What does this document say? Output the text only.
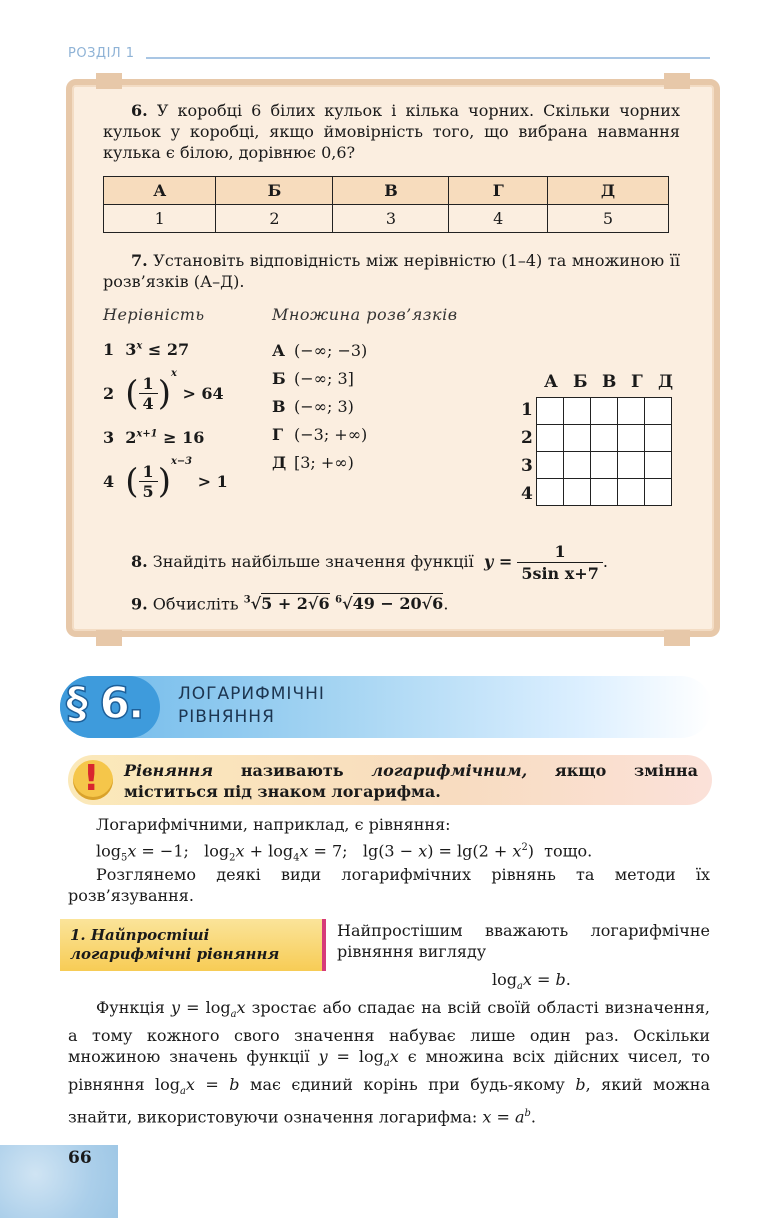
РОЗДІЛ 1
6. У коробці 6 білих кульок і кілька чорних. Скільки чорних кульок у коробці, якщо ймовірність того, що вибрана навмання кулька є білою, дорівнює 0,6?
А	Б	В	Г	Д
1	2	3	4	5
7. Установіть відповідність між нерівністю (1–4) та множиною її розв’язків (А–Д).
Нерівність	Множина розв’язків
1  $3^x \le 27$
2 ( $\frac{1}{4} )^x > 64$
3  $2^{x+1} \ge 16$
4 ( $\frac{1}{5} )^{x-3} > 1$
А (−∞; −3)
Б (−∞; 3]
В (−∞; 3)
Г (−3; +∞)
Д [3; +∞)
А Б В Г Д
1
2
3
4

8. Знайдіть найбільше значення функції $y = \frac{1}{\text{5sin x+7}}$ .
9. Обчисліть $^3$√5 + 2√6 $^6$√49 − 20√6.
§ 6. ЛОГАРИФМІЧНІ
РІВНЯННЯ
! Рівняння називають логарифмічним, якщо змінна міститься під знаком логарифма.
Логарифмічними, наприклад, є рівняння:
$\log_5x = -1$;   $\log_2x + \log_4x = 7$;   $\lg(3 - x) = \lg(2 + x^2)$  тощо.
Розглянемо деякі види логарифмічних рівнянь та методи їх розв’язування.
1. Найпростіші
логарифмічні рівняння
Найпростішим вважають логарифмічне рівняння вигляду
$\log_ax = b$.
Функція $y = \log_ax$ зростає або спадає на всій своїй області визначення, а тому кожного свого значення набуває лише один раз. Оскільки множиною значень функції $y = \log_ax$ є множина всіх дійсних чисел, то рівняння $\log_ax = b$ має єдиний корінь при будь-якому b, який можна знайти, використовуючи означення логарифма: $x = a^b$.
66
